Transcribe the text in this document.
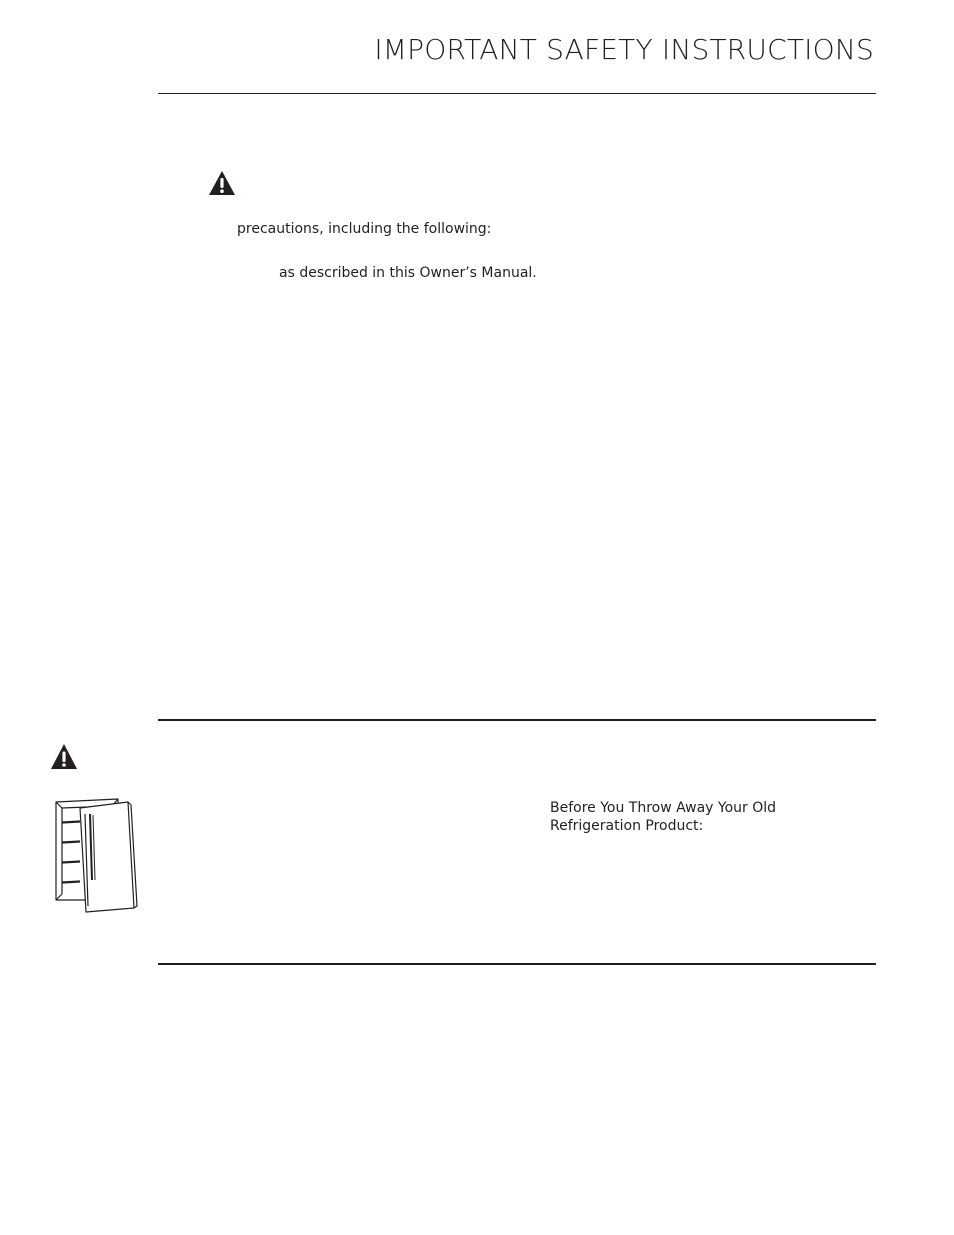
IMPORTANT SAFETY INSTRUCTIONS
precautions, including the following:
as described in this Owner’s Manual.
Before You Throw Away Your Old Refrigeration Product:
